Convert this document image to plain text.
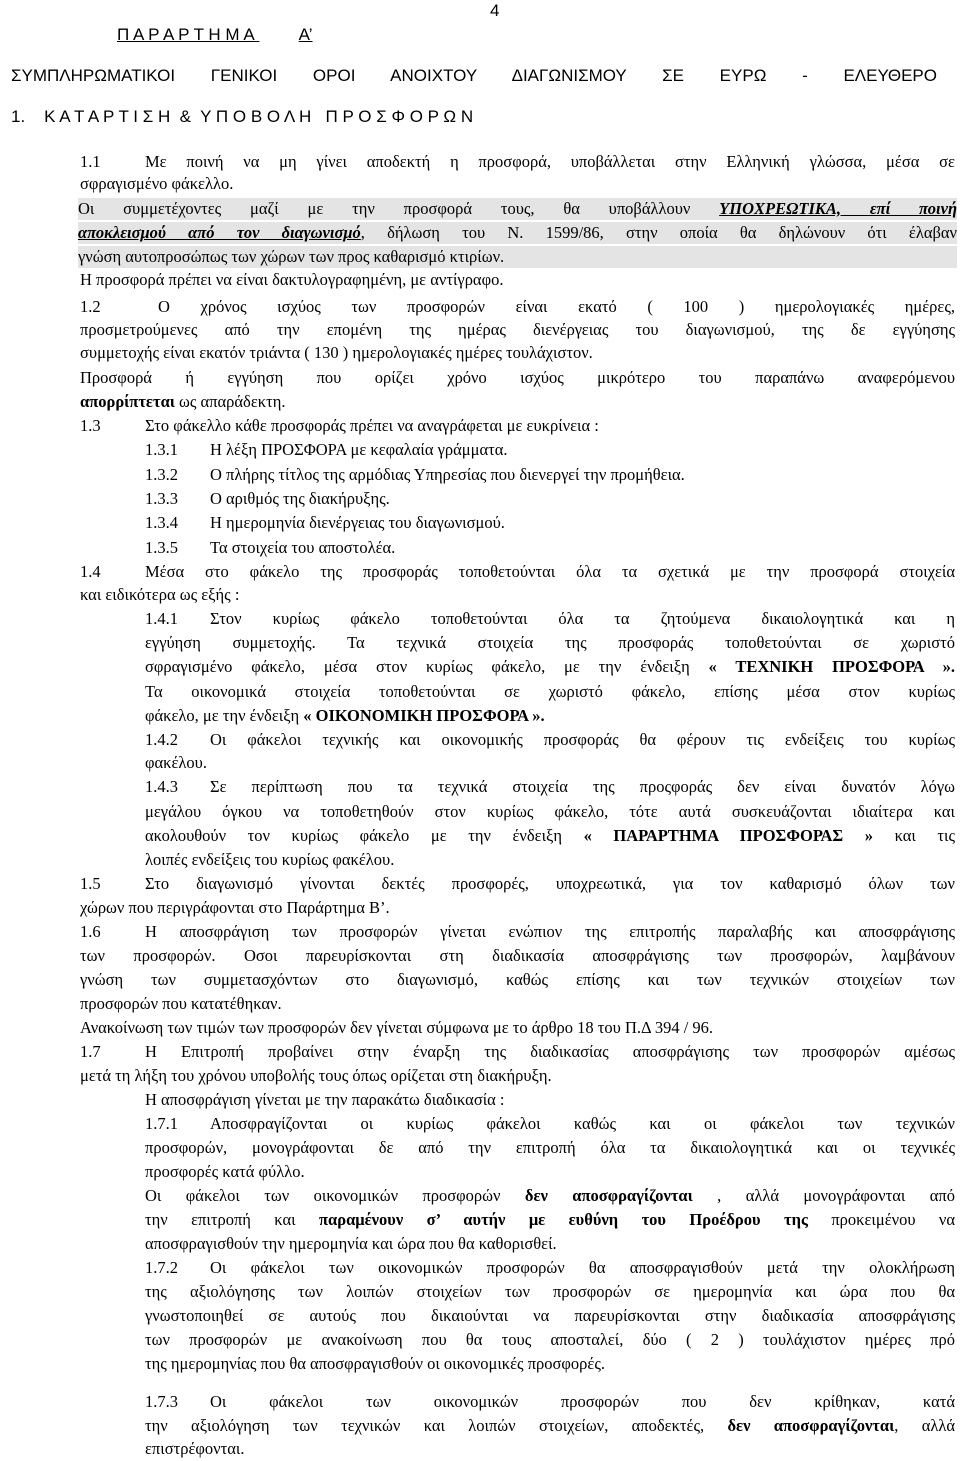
4
Π Α Ρ Α Ρ Τ Η Μ Α	Α’
ΣΥΜΠΛΗΡΩΜΑΤΙΚΟΙ ΓΕΝΙΚΟΙ ΟΡΟΙ ΑΝΟΙΧΤΟΥ ΔΙΑΓΩΝΙΣΜΟΥ ΣΕ ΕΥΡΩ - ΕΛΕΥΘΕΡΟ
1. Κ Α Τ Α Ρ Τ Ι Σ Η  &  Υ Π Ο Β Ο Λ Η   Π Ρ Ο Σ Φ Ο Ρ Ω Ν
1.1	Με ποινή να μη γίνει αποδεκτή η προσφορά, υποβάλλεται στην Ελληνική γλώσσα, μέσα σε
σφραγισμένο φάκελλο.
Οι συμμετέχοντες μαζί με την προσφορά τους, θα υποβάλλουν ΥΠΟΧΡΕΩΤΙΚΑ, επί ποινή
αποκλεισμού από τον διαγωνισμό, δήλωση του Ν. 1599/86, στην οποία θα δηλώνουν ότι έλαβαν
γνώση αυτοπροσώπως των χώρων των προς καθαρισμό κτιρίων.
Η προσφορά πρέπει να είναι δακτυλογραφημένη, με αντίγραφο.
1.2	Ο χρόνος ισχύος των προσφορών είναι εκατό ( 100 ) ημερολογιακές ημέρες,
προσμετρούμενες από την επομένη της ημέρας διενέργειας του διαγωνισμού, της δε εγγύησης
συμμετοχής είναι εκατόν τριάντα ( 130 ) ημερολογιακές ημέρες τουλάχιστον.
Προσφορά ή εγγύηση που ορίζει χρόνο ισχύος μικρότερο του παραπάνω αναφερόμενου
απορρίπτεται ως απαράδεκτη.
1.3	Στο φάκελλο κάθε προσφοράς πρέπει να αναγράφεται με ευκρίνεια :
1.3.1 Η λέξη ΠΡΟΣΦΟΡΑ με κεφαλαία γράμματα.
1.3.2 Ο πλήρης τίτλος της αρμόδιας Υπηρεσίας που διενεργεί την προμήθεια.
1.3.3 Ο αριθμός της διακήρυξης.
1.3.4 Η ημερομηνία διενέργειας του διαγωνισμού.
1.3.5 Τα στοιχεία του αποστολέα.
1.4	Μέσα στο φάκελο της προσφοράς τοποθετούνται όλα τα σχετικά με την προσφορά στοιχεία
και ειδικότερα ως εξής :
1.4.1 Στον κυρίως φάκελο τοποθετούνται όλα τα ζητούμενα δικαιολογητικά και η
εγγύηση συμμετοχής. Τα τεχνικά στοιχεία της προσφοράς τοποθετούνται σε χωριστό
σφραγισμένο φάκελο, μέσα στον κυρίως φάκελο, με την ένδειξη « ΤΕΧΝΙΚΗ ΠΡΟΣΦΟΡΑ ».
Τα οικονομικά στοιχεία τοποθετούνται σε χωριστό φάκελο, επίσης μέσα στον κυρίως
φάκελο, με την ένδειξη « ΟΙΚΟΝΟΜΙΚΗ ΠΡΟΣΦΟΡΑ ».
1.4.2 Οι φάκελοι τεχνικής και οικονομικής προσφοράς θα φέρουν τις ενδείξεις του κυρίως
φακέλου.
1.4.3 Σε περίπτωση που τα τεχνικά στοιχεία της προςφοράς δεν είναι δυνατόν λόγω
μεγάλου όγκου να τοποθετηθούν στον κυρίως φάκελο, τότε αυτά συσκευάζονται ιδιαίτερα και
ακολουθούν τον κυρίως φάκελο με την ένδειξη « ΠΑΡΑΡΤΗΜΑ ΠΡΟΣΦΟΡΑΣ » και τις
λοιπές ενδείξεις του κυρίως φακέλου.
1.5	Στο διαγωνισμό γίνονται δεκτές προσφορές, υποχρεωτικά, για τον καθαρισμό όλων των
χώρων που περιγράφονται στο Παράρτημα Β’.
1.6	Η αποσφράγιση των προσφορών γίνεται ενώπιον της επιτροπής παραλαβής και αποσφράγισης
των προσφορών. Οσοι παρευρίσκονται στη διαδικασία αποσφράγισης των προσφορών, λαμβάνουν
γνώση των συμμετασχόντων στο διαγωνισμό, καθώς επίσης και των τεχνικών στοιχείων των
προσφορών που κατατέθηκαν.
Ανακοίνωση των τιμών των προσφορών δεν γίνεται σύμφωνα με το άρθρο 18 του Π.Δ 394 / 96.
1.7	Η Επιτροπή προβαίνει στην έναρξη της διαδικασίας αποσφράγισης των προσφορών αμέσως
μετά τη λήξη του χρόνου υποβολής τους όπως ορίζεται στη διακήρυξη.
Η αποσφράγιση γίνεται με την παρακάτω διαδικασία :
1.7.1 Αποσφραγίζονται οι κυρίως φάκελοι καθώς και οι φάκελοι των τεχνικών
προσφορών, μονογράφονται δε από την επιτροπή όλα τα δικαιολογητικά και οι τεχνικές
προσφορές κατά φύλλο.
Οι φάκελοι των οικονομικών προσφορών δεν αποσφραγίζονται , αλλά μονογράφονται από
την επιτροπή και παραμένουν σ’ αυτήν με ευθύνη του Προέδρου της προκειμένου να
αποσφραγισθούν την ημερομηνία και ώρα που θα καθορισθεί.
1.7.2 Οι φάκελοι των οικονομικών προσφορών θα αποσφραγισθούν μετά την ολοκλήρωση
της αξιολόγησης των λοιπών στοιχείων των προσφορών σε ημερομηνία και ώρα που θα
γνωστοποιηθεί σε αυτούς που δικαιούνται να παρευρίσκονται στην διαδικασία αποσφράγισης
των προσφορών με ανακοίνωση που θα τους αποσταλεί, δύο ( 2 ) τουλάχιστον ημέρες πρό
της ημερομηνίας που θα αποσφραγισθούν οι οικονομικές προσφορές.
1.7.3 Οι φάκελοι των οικονομικών προσφορών που δεν κρίθηκαν, κατά
την αξιολόγηση των τεχνικών και λοιπών στοιχείων, αποδεκτές, δεν αποσφραγίζονται, αλλά
επιστρέφονται.
